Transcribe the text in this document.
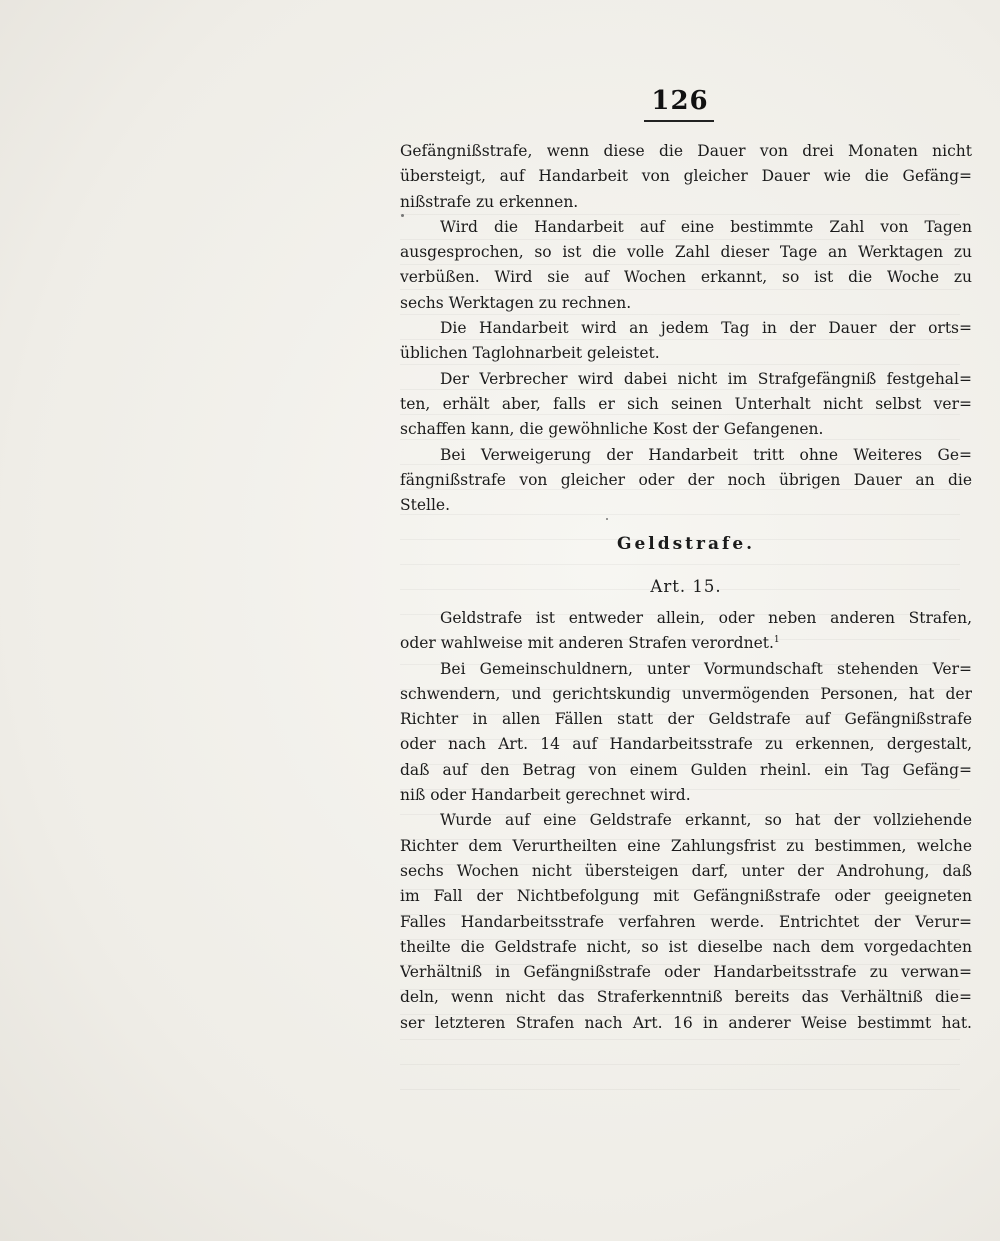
126
Gefängnißstrafe, wenn diese die Dauer von drei Monaten nicht
übersteigt, auf Handarbeit von gleicher Dauer wie die Gefäng=
nißstrafe zu erkennen.
Wird die Handarbeit auf eine bestimmte Zahl von Tagen
ausgesprochen, so ist die volle Zahl dieser Tage an Werktagen zu
verbüßen. Wird sie auf Wochen erkannt, so ist die Woche zu
sechs Werktagen zu rechnen.
Die Handarbeit wird an jedem Tag in der Dauer der orts=
üblichen Taglohnarbeit geleistet.
Der Verbrecher wird dabei nicht im Strafgefängniß festgehal=
ten, erhält aber, falls er sich seinen Unterhalt nicht selbst ver=
schaffen kann, die gewöhnliche Kost der Gefangenen.
Bei Verweigerung der Handarbeit tritt ohne Weiteres Ge=
fängnißstrafe von gleicher oder der noch übrigen Dauer an die
Stelle.
Geldstrafe.
Art. 15.
Geldstrafe ist entweder allein, oder neben anderen Strafen,
oder wahlweise mit anderen Strafen verordnet.$^1$
Bei Gemeinschuldnern, unter Vormundschaft stehenden Ver=
schwendern, und gerichtskundig unvermögenden Personen, hat der
Richter in allen Fällen statt der Geldstrafe auf Gefängnißstrafe
oder nach Art. 14 auf Handarbeitsstrafe zu erkennen, dergestalt,
daß auf den Betrag von einem Gulden rheinl. ein Tag Gefäng=
niß oder Handarbeit gerechnet wird.
Wurde auf eine Geldstrafe erkannt, so hat der vollziehende
Richter dem Verurtheilten eine Zahlungsfrist zu bestimmen, welche
sechs Wochen nicht übersteigen darf, unter der Androhung, daß
im Fall der Nichtbefolgung mit Gefängnißstrafe oder geeigneten
Falles Handarbeitsstrafe verfahren werde. Entrichtet der Verur=
theilte die Geldstrafe nicht, so ist dieselbe nach dem vorgedachten
Verhältniß in Gefängnißstrafe oder Handarbeitsstrafe zu verwan=
deln, wenn nicht das Straferkenntniß bereits das Verhältniß die=
ser letzteren Strafen nach Art. 16 in anderer Weise bestimmt hat.
